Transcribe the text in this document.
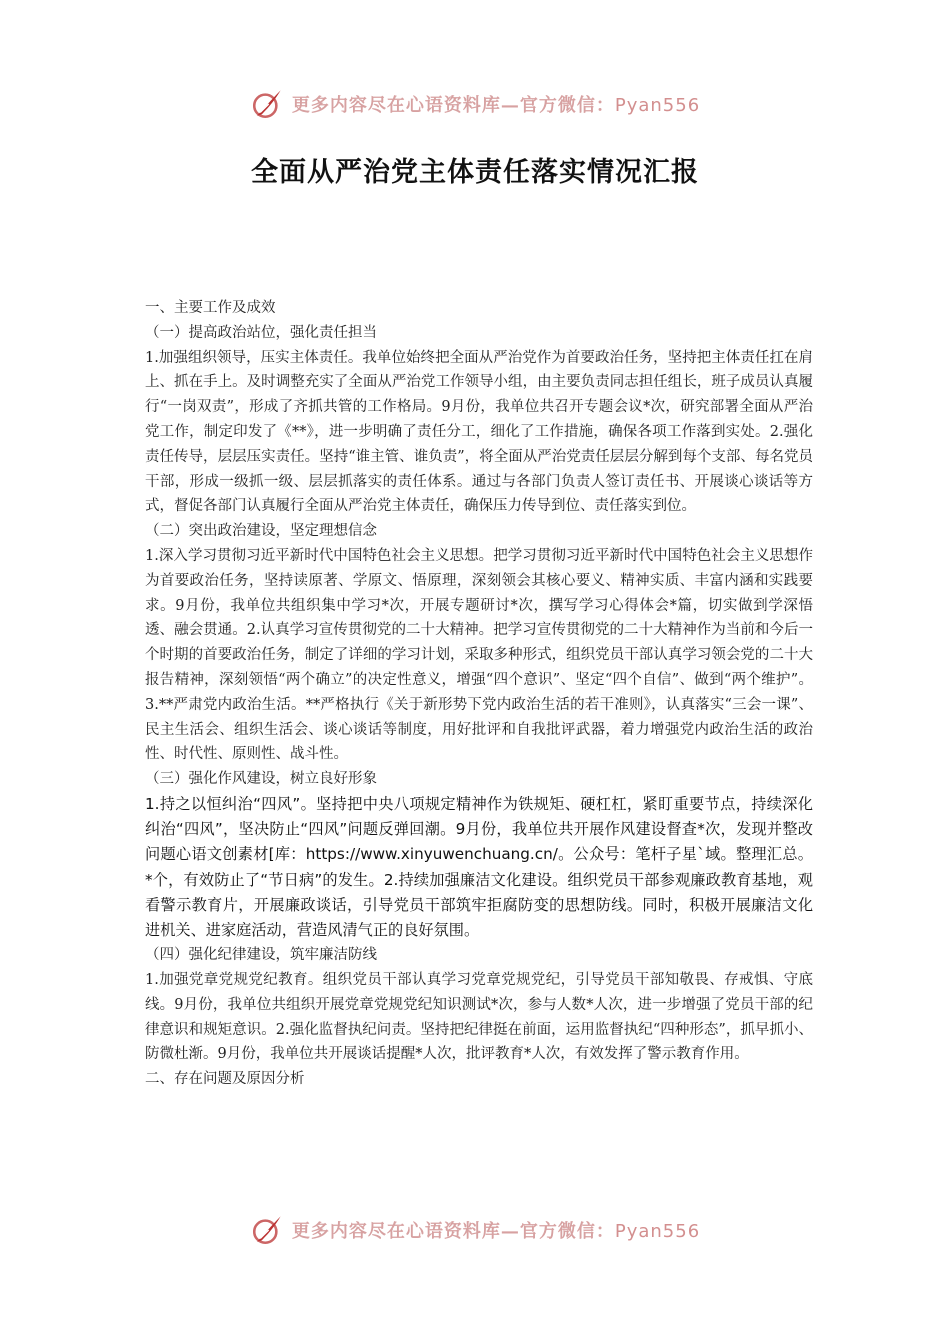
更多内容尽在心语资料库—官方微信：Pyan556
全面从严治党主体责任落实情况汇报

一、主要工作及成效

（一）提高政治站位，强化责任担当

1.加强组织领导，压实主体责任。我单位始终把全面从严治党作为首要政治任务，坚持把主体责任扛在肩上、抓在手上。及时调整充实了全面从严治党工作领导小组，由主要负责同志担任组长，班子成员认真履行“一岗双责”，形成了齐抓共管的工作格局。9月份，我单位共召开专题会议*次，研究部署全面从严治党工作，制定印发了《**》，进一步明确了责任分工，细化了工作措施，确保各项工作落到实处。2.强化责任传导，层层压实责任。坚持“谁主管、谁负责”，将全面从严治党责任层层分解到每个支部、每名党员干部，形成一级抓一级、层层抓落实的责任体系。通过与各部门负责人签订责任书、开展谈心谈话等方式，督促各部门认真履行全面从严治党主体责任，确保压力传导到位、责任落实到位。

（二）突出政治建设，坚定理想信念

1.深入学习贯彻习近平新时代中国特色社会主义思想。把学习贯彻习近平新时代中国特色社会主义思想作为首要政治任务，坚持读原著、学原文、悟原理，深刻领会其核心要义、精神实质、丰富内涵和实践要求。9月份，我单位共组织集中学习*次，开展专题研讨*次，撰写学习心得体会*篇，切实做到学深悟透、融会贯通。2.认真学习宣传贯彻党的二十大精神。把学习宣传贯彻党的二十大精神作为当前和今后一个时期的首要政治任务，制定了详细的学习计划，采取多种形式，组织党员干部认真学习领会党的二十大报告精神，深刻领悟“两个确立”的决定性意义，增强“四个意识”、坚定“四个自信”、做到“两个维护”。3.**严肃党内政治生活。**严格执行《关于新形势下党内政治生活的若干准则》，认真落实“三会一课”、民主生活会、组织生活会、谈心谈话等制度，用好批评和自我批评武器，着力增强党内政治生活的政治性、时代性、原则性、战斗性。

（三）强化作风建设，树立良好形象

1.持之以恒纠治“四风”。坚持把中央八项规定精神作为铁规矩、硬杠杠，紧盯重要节点，持续深化纠治“四风”，坚决防止“四风”问题反弹回潮。9月份，我单位共开展作风建设督查*次，发现并整改问题心语文创素材[库：https://www.xinyuwenchuang.cn/。公众号：笔杆子星`域。整理汇总。*个，有效防止了“节日病”的发生。2.持续加强廉洁文化建设。组织党员干部参观廉政教育基地，观看警示教育片，开展廉政谈话，引导党员干部筑牢拒腐防变的思想防线。同时，积极开展廉洁文化进机关、进家庭活动，营造风清气正的良好氛围。

（四）强化纪律建设，筑牢廉洁防线

1.加强党章党规党纪教育。组织党员干部认真学习党章党规党纪，引导党员干部知敬畏、存戒惧、守底线。9月份，我单位共组织开展党章党规党纪知识测试*次，参与人数*人次，进一步增强了党员干部的纪律意识和规矩意识。2.强化监督执纪问责。坚持把纪律挺在前面，运用监督执纪“四种形态”，抓早抓小、防微杜渐。9月份，我单位共开展谈话提醒*人次，批评教育*人次，有效发挥了警示教育作用。

二、存在问题及原因分析

更多内容尽在心语资料库—官方微信：Pyan556
